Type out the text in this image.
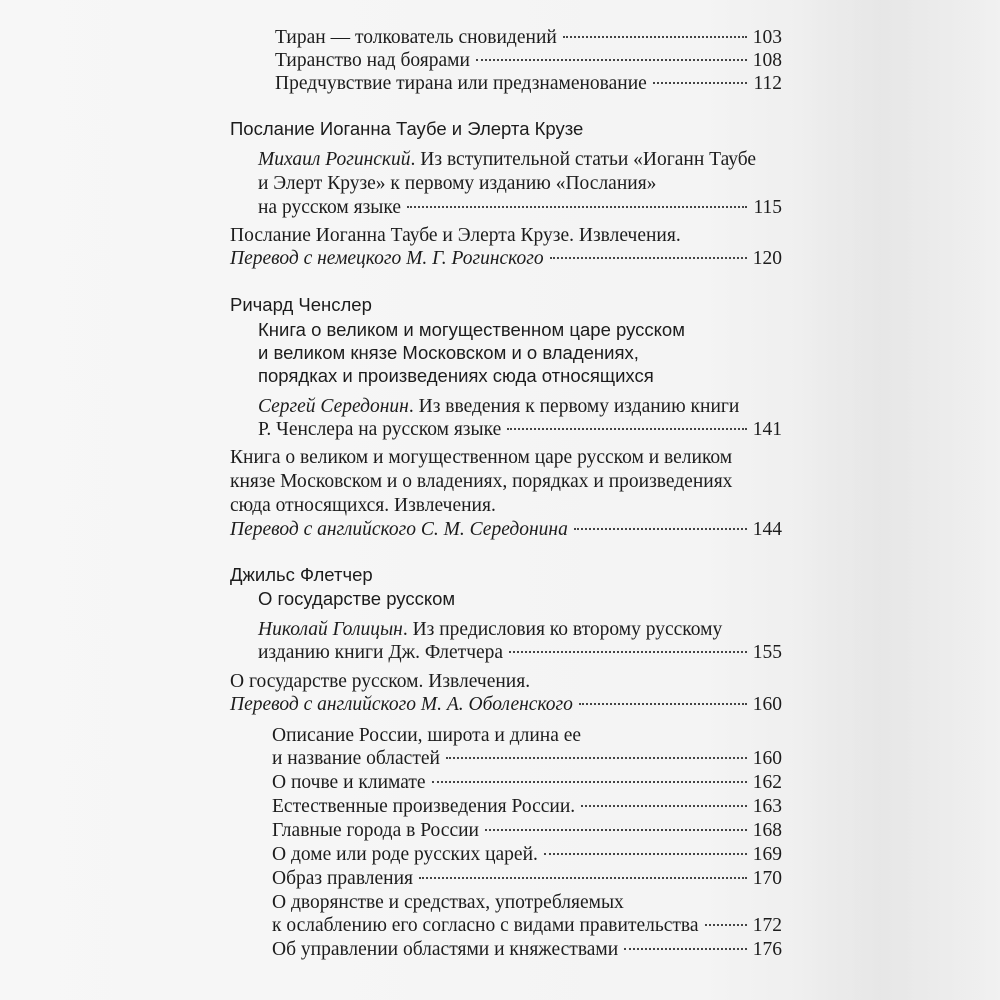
Тиран — толкователь сновидений	103
Тиранство над боярами	108
Предчувствие тирана или предзнаменование	112
Послание Иоганна Таубе и Элерта Крузе
Михаил Рогинский. Из вступительной статьи «Иоганн Таубе
и Элерт Крузе» к первому изданию «Послания»
на русском языке	115
Послание Иоганна Таубе и Элерта Крузе. Извлечения.
Перевод с немецкого М. Г. Рогинского	120
Ричард Ченслер
Книга о великом и могущественном царе русском
и великом князе Московском и о владениях,
порядках и произведениях сюда относящихся
Сергей Середонин. Из введения к первому изданию книги
Р. Ченслера на русском языке	141
Книга о великом и могущественном царе русском и великом
князе Московском и о владениях, порядках и произведениях
сюда относящихся. Извлечения.
Перевод с английского С. М. Середонина	144
Джильс Флетчер
О государстве русском
Николай Голицын. Из предисловия ко второму русскому
изданию книги Дж. Флетчера	155
О государстве русском. Извлечения.
Перевод с английского М. А. Оболенского	160
Описание России, широта и длина ее
и название областей	160
О почве и климате	162
Естественные произведения России.	163
Главные города в России	168
О доме или роде русских царей.	169
Образ правления	170
О дворянстве и средствах, употребляемых
к ослаблению его согласно с видами правительства	172
Об управлении областями и княжествами	176
